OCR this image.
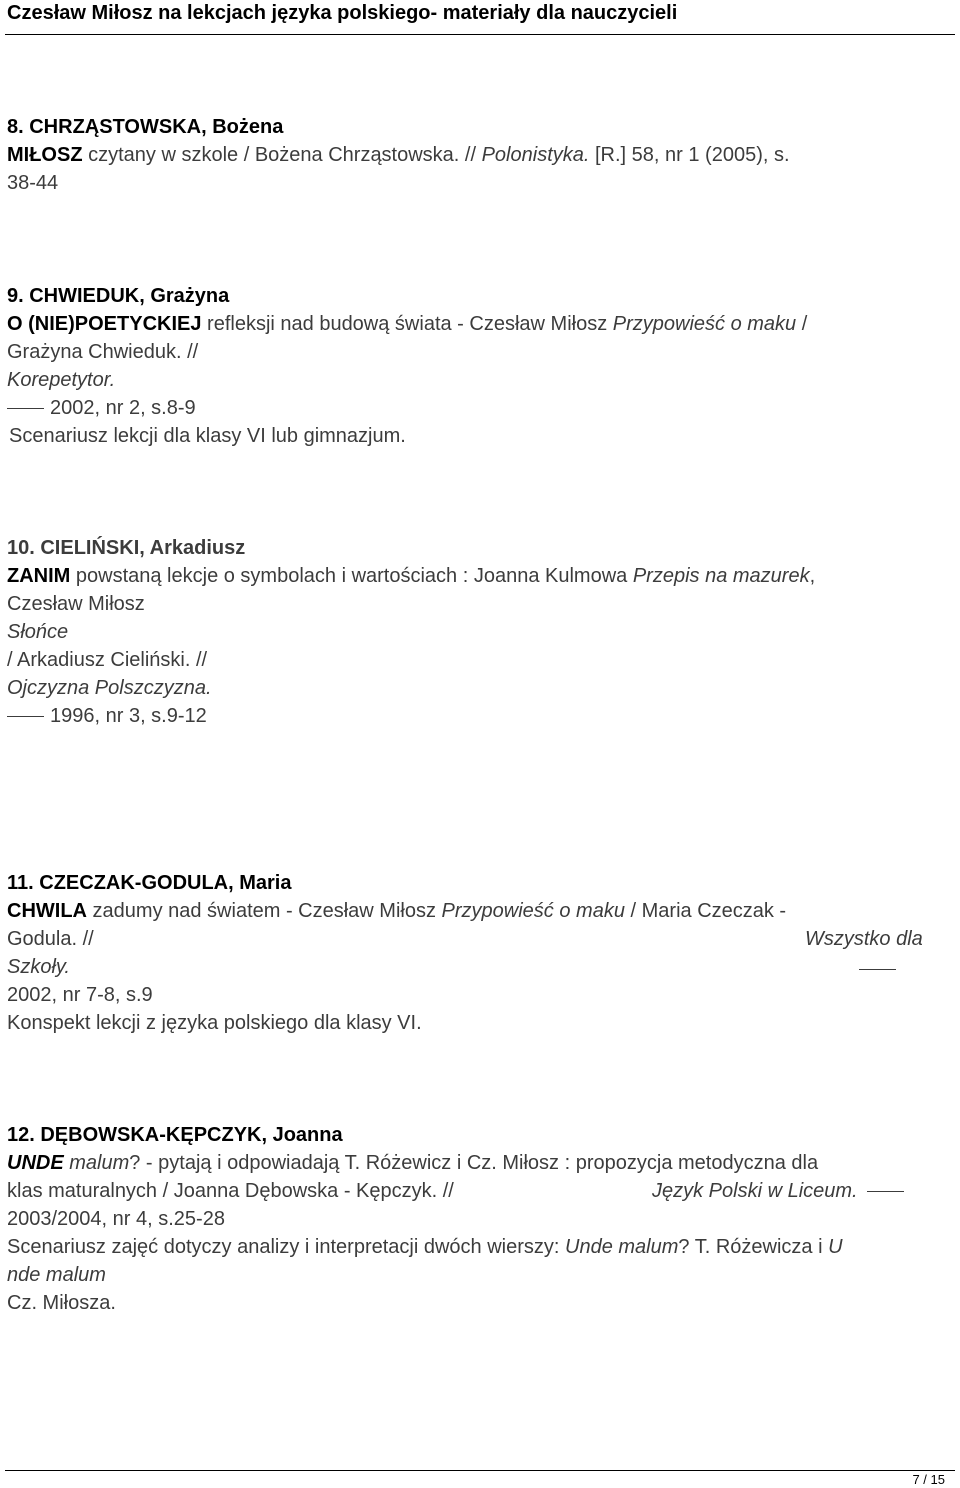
Czesław Miłosz na lekcjach języka polskiego- materiały dla nauczycieli
8. CHRZĄSTOWSKA, Bożena
MIŁOSZ czytany w szkole / Bożena Chrząstowska. // Polonistyka. [R.] 58, nr 1 (2005), s.
38-44
9. CHWIEDUK, Grażyna
O (NIE)POETYCKIEJ refleksji nad budową świata - Czesław Miłosz Przypowieść o maku /
Grażyna Chwieduk. //
Korepetytor.
2002, nr 2, s.8-9
Scenariusz lekcji dla klasy VI lub gimnazjum.
10. CIELIŃSKI, Arkadiusz
ZANIM powstaną lekcje o symbolach i wartościach : Joanna Kulmowa Przepis na mazurek,
Czesław Miłosz
Słońce
/ Arkadiusz Cieliński. //
Ojczyzna Polszczyzna.
1996, nr 3, s.9-12
11. CZECZAK-GODULA, Maria
CHWILA zadumy nad światem - Czesław Miłosz Przypowieść o maku / Maria Czeczak -
Godula. //	Wszystko dla
Szkoły.
2002, nr 7-8, s.9
Konspekt lekcji z języka polskiego dla klasy VI.
12. DĘBOWSKA-KĘPCZYK, Joanna
UNDE malum? - pytają i odpowiadają T. Różewicz i Cz. Miłosz : propozycja metodyczna dla
klas maturalnych / Joanna Dębowska - Kępczyk. //	Język Polski w Liceum.
2003/2004, nr 4, s.25-28
Scenariusz zajęć dotyczy analizy i interpretacji dwóch wierszy: Unde malum? T. Różewicza i U
nde malum
Cz. Miłosza.
7 / 15
